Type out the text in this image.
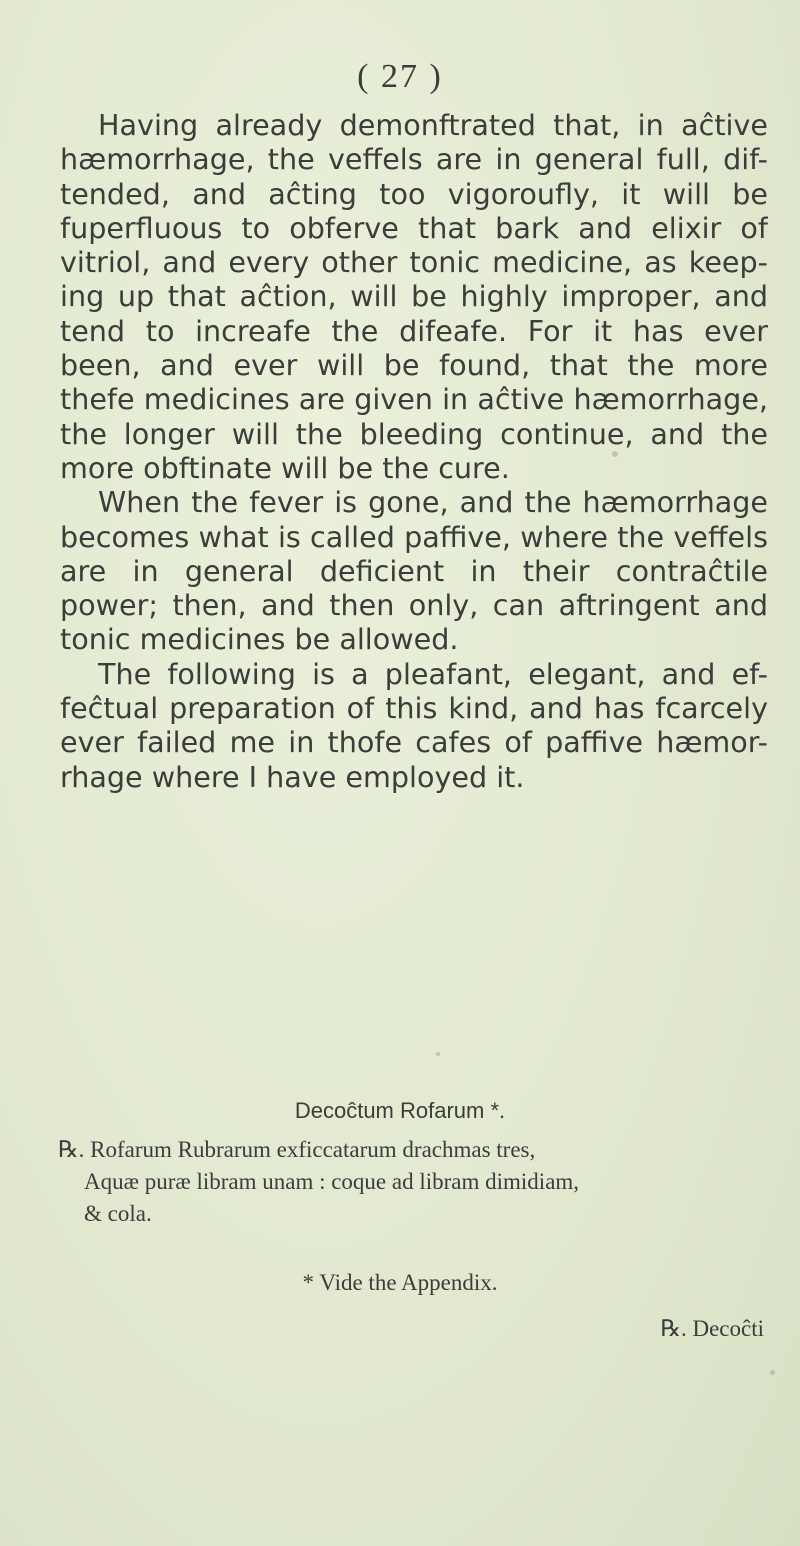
( 27 )
Having already demonftrated that, in aĉtive
hæmorrhage, the veffels are in general full, dif-
tended, and aĉting too vigoroufly, it will be
fuperfluous to obferve that bark and elixir of
vitriol, and every other tonic medicine, as keep-
ing up that aĉtion, will be highly improper, and
tend to increafe the difeafe. For it has ever
been, and ever will be found, that the more
thefe medicines are given in aĉtive hæmorrhage,
the longer will the bleeding continue, and the
more obftinate will be the cure.
When the fever is gone, and the hæmorrhage
becomes what is called paffive, where the veffels
are in general deficient in their contraĉtile
power; then, and then only, can aftringent and
tonic medicines be allowed.
The following is a pleafant, elegant, and ef-
feĉtual preparation of this kind, and has fcarcely
ever failed me in thofe cafes of paffive hæmor-
rhage where I have employed it.
Decoĉtum Rofarum *.
℞. Rofarum Rubrarum exficcatarum drachmas tres,
Aquæ puræ libram unam : coque ad libram dimidiam,
& cola.
* Vide the Appendix.
℞. Decoĉti
